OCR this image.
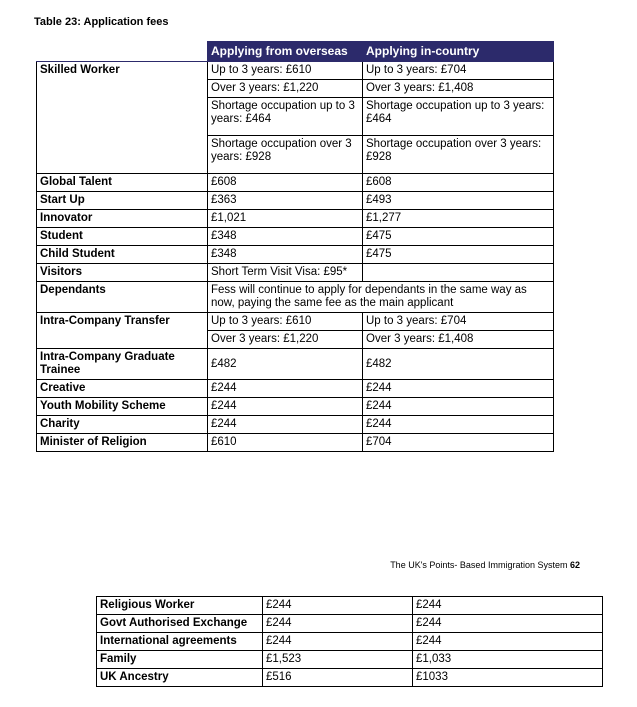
Table 23: Application fees
	Applying from overseas	Applying in-country
Skilled Worker	Up to 3 years: £610	Up to 3 years: £704
	Over 3 years: £1,220	Over 3 years: £1,408
	Shortage occupation up to 3 years: £464	Shortage occupation up to 3 years: £464
	Shortage occupation over 3 years: £928	Shortage occupation over 3 years: £928
Global Talent	£608	£608
Start Up	£363	£493
Innovator	£1,021	£1,277
Student	£348	£475
Child Student	£348	£475
Visitors	Short Term Visit Visa: £95*	
Dependants	Fess will continue to apply for dependants in the same way as now, paying the same fee as the main applicant	
Intra-Company Transfer	Up to 3 years: £610	Up to 3 years: £704
	Over 3 years: £1,220	Over 3 years: £1,408
Intra-Company Graduate Trainee	£482	£482
Creative	£244	£244
Youth Mobility Scheme	£244	£244
Charity	£244	£244
Minister of Religion	£610	£704
The UK's Points- Based Immigration System 62
Religious Worker	£244	£244
Govt Authorised Exchange	£244	£244
International agreements	£244	£244
Family	£1,523	£1,033
UK Ancestry	£516	£1033
